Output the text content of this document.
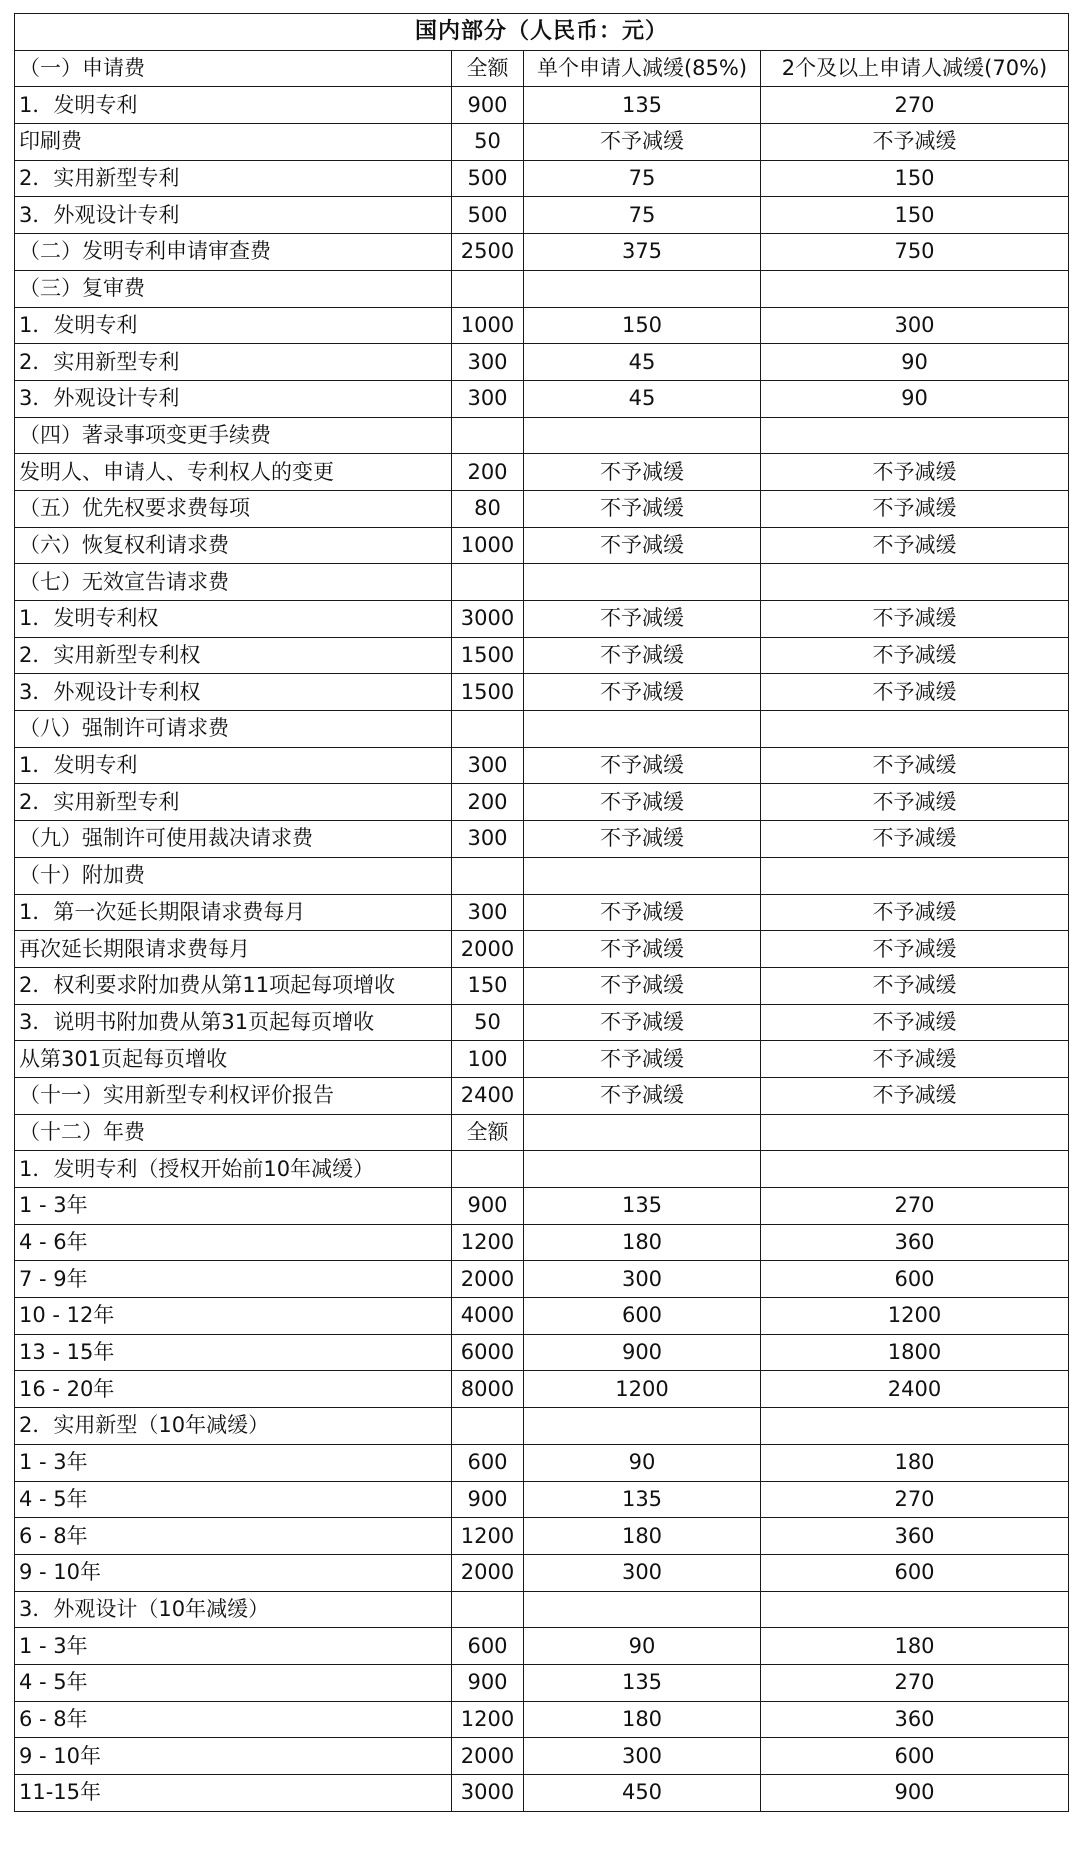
国内部分（人民币：元）			
（一）申请费	全额	单个申请人减缓(85%)	2个及以上申请人减缓(70%)
1．发明专利	900	135	270
印刷费	50	不予减缓	不予减缓
2．实用新型专利	500	75	150
3．外观设计专利	500	75	150
（二）发明专利申请审查费	2500	375	750
（三）复审费			
1．发明专利	1000	150	300
2．实用新型专利	300	45	90
3．外观设计专利	300	45	90
（四）著录事项变更手续费			
发明人、申请人、专利权人的变更	200	不予减缓	不予减缓
（五）优先权要求费每项	80	不予减缓	不予减缓
（六）恢复权利请求费	1000	不予减缓	不予减缓
（七）无效宣告请求费			
1．发明专利权	3000	不予减缓	不予减缓
2．实用新型专利权	1500	不予减缓	不予减缓
3．外观设计专利权	1500	不予减缓	不予减缓
（八）强制许可请求费			
1．发明专利	300	不予减缓	不予减缓
2．实用新型专利	200	不予减缓	不予减缓
（九）强制许可使用裁决请求费	300	不予减缓	不予减缓
（十）附加费			
1．第一次延长期限请求费每月	300	不予减缓	不予减缓
再次延长期限请求费每月	2000	不予减缓	不予减缓
2．权利要求附加费从第11项起每项增收	150	不予减缓	不予减缓
3．说明书附加费从第31页起每页增收	50	不予减缓	不予减缓
从第301页起每页增收	100	不予减缓	不予减缓
（十一）实用新型专利权评价报告	2400	不予减缓	不予减缓
（十二）年费	全额		
1．发明专利（授权开始前10年减缓）			
1 - 3年	900	135	270
4 - 6年	1200	180	360
7 - 9年	2000	300	600
10 - 12年	4000	600	1200
13 - 15年	6000	900	1800
16 - 20年	8000	1200	2400
2．实用新型（10年减缓）			
1 - 3年	600	90	180
4 - 5年	900	135	270
6 - 8年	1200	180	360
9 - 10年	2000	300	600
3．外观设计（10年减缓）			
1 - 3年	600	90	180
4 - 5年	900	135	270
6 - 8年	1200	180	360
9 - 10年	2000	300	600
11-15年	3000	450	900
